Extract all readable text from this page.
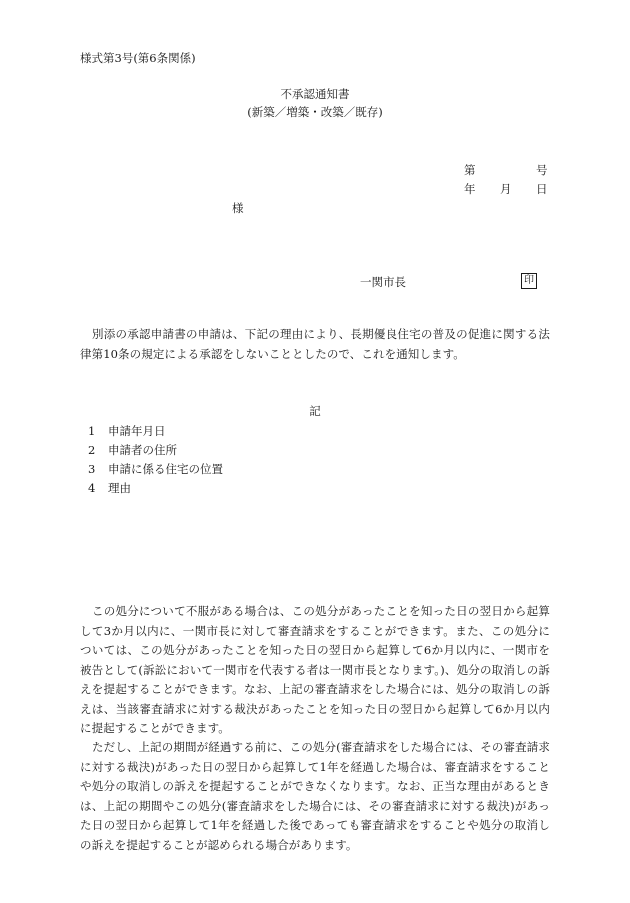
様式第3号(第6条関係)
不承認通知書
(新築／増築・改築／既存)
第	号
年 月 日
様
一関市長	印

別添の承認申請書の申請は、下記の理由により、長期優良住宅の普及の促進に関する法律第10条の規定による承認をしないこととしたので、これを通知します。

記
1 申請年月日
2 申請者の住所
3 申請に係る住宅の位置
4 理由

この処分について不服がある場合は、この処分があったことを知った日の翌日から起算して3か月以内に、一関市長に対して審査請求をすることができます。また、この処分については、この処分があったことを知った日の翌日から起算して6か月以内に、一関市を被告として(訴訟において一関市を代表する者は一関市長となります。)、処分の取消しの訴えを提起することができます。なお、上記の審査請求をした場合には、処分の取消しの訴えは、当該審査請求に対する裁決があったことを知った日の翌日から起算して6か月以内に提起することができます。

ただし、上記の期間が経過する前に、この処分(審査請求をした場合には、その審査請求に対する裁決)があった日の翌日から起算して1年を経過した場合は、審査請求をすることや処分の取消しの訴えを提起することができなくなります。なお、正当な理由があるときは、上記の期間やこの処分(審査請求をした場合には、その審査請求に対する裁決)があった日の翌日から起算して1年を経過した後であっても審査請求をすることや処分の取消しの訴えを提起することが認められる場合があります。
